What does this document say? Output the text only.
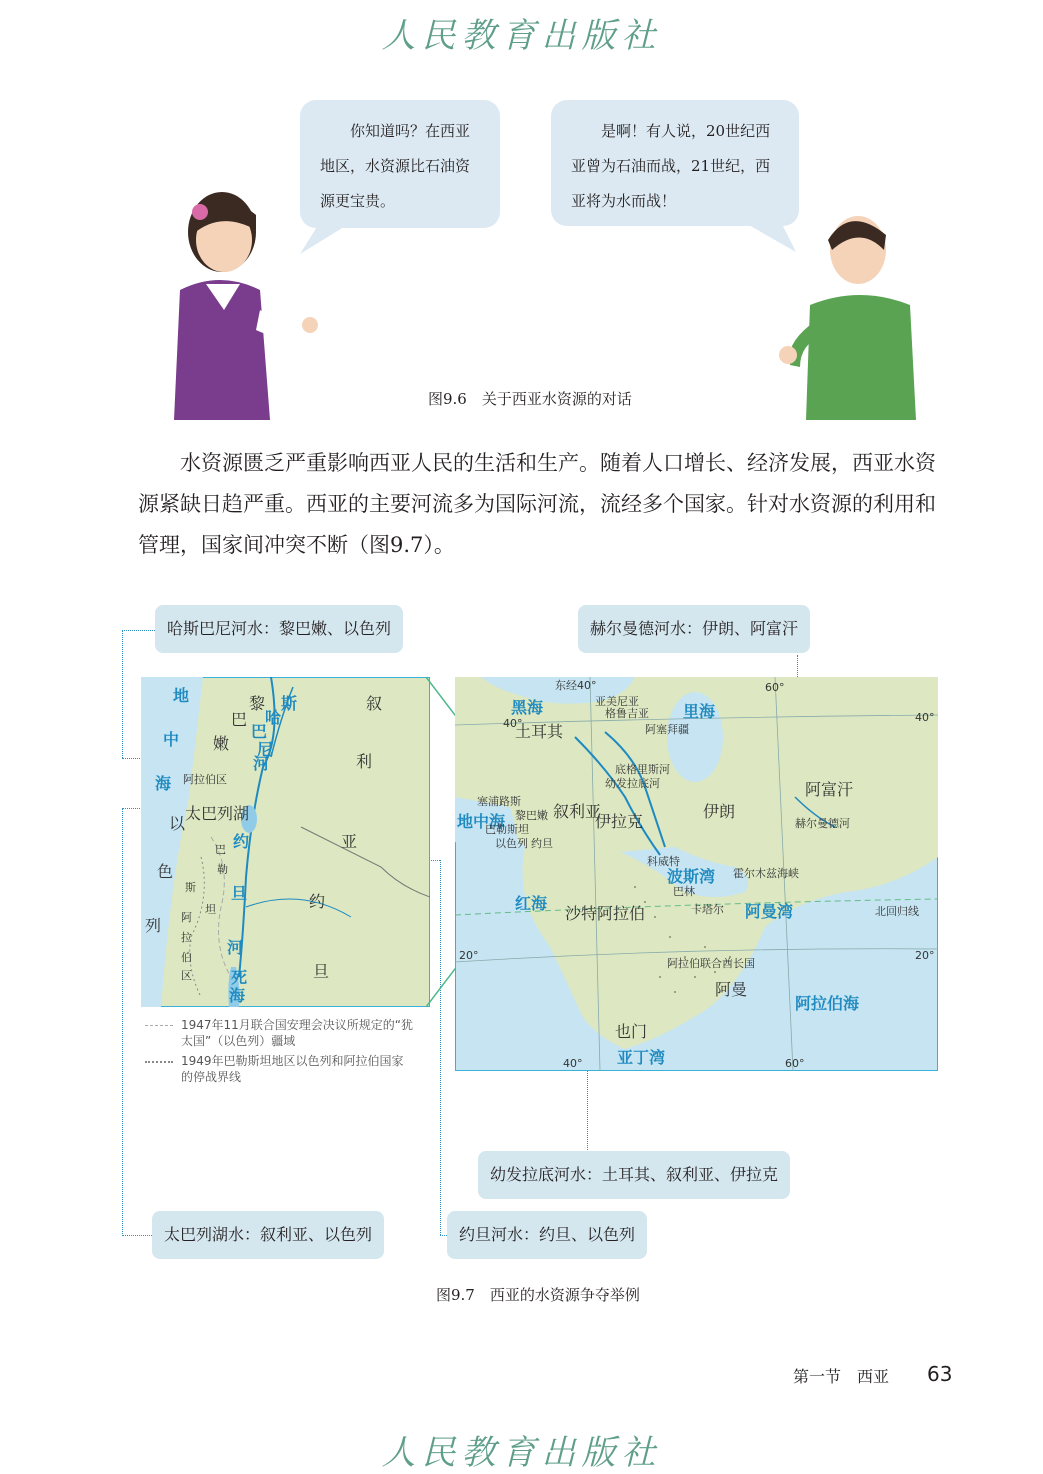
人民教育出版社

你知道吗？在西亚地区，水资源比石油资源更宝贵。

是啊！有人说，20世纪西亚曾为石油而战，21世纪，西亚将为水而战！

图9.6　关于西亚水资源的对话

水资源匮乏严重影响西亚人民的生活和生产。随着人口增长、经济发展，西亚水资源紧缺日趋严重。西亚的主要河流多为国际河流，流经多个国家。针对水资源的利用和管理，国家间冲突不断（图9.7）。

哈斯巴尼河水：黎巴嫩、以色列	赫尔曼德河水：伊朗、阿富汗
幼发拉底河水：土耳其、叙利亚、伊拉克
太巴列湖水：叙利亚、以色列	约旦河水：约旦、以色列
地
中
海
黎
巴
嫩
叙
利
亚
以
色
列
约
旦
哈
斯
巴
尼
河
约
旦
河
死
海
阿拉伯区
太巴列湖
巴
勒
斯
坦
阿
拉
伯
区
1947年11月联合国安理会决议所规定的“犹太国”（以色列）疆域
1949年巴勒斯坦地区以色列和阿拉伯国家的停战界线
黑海	里海
土耳其
地中海
塞浦路斯
黎巴嫩 叙利亚
巴勒斯坦
以色列 约旦
伊拉克
伊朗
阿富汗
科威特
巴林
卡塔尔
阿拉伯联合酋长国
阿曼
沙特阿拉伯
也门
红海
波斯湾
阿曼湾
阿拉伯海
亚丁湾
霍尔木兹海峡
幼发拉底河
底格里斯河
赫尔曼德河
格鲁吉亚
亚美尼亚
阿塞拜疆
北回归线
东经40°
40°
60°
60°
40°
40°
20°	20°
图9.7　西亚的水资源争夺举例
第一节　西亚 63
人民教育出版社
